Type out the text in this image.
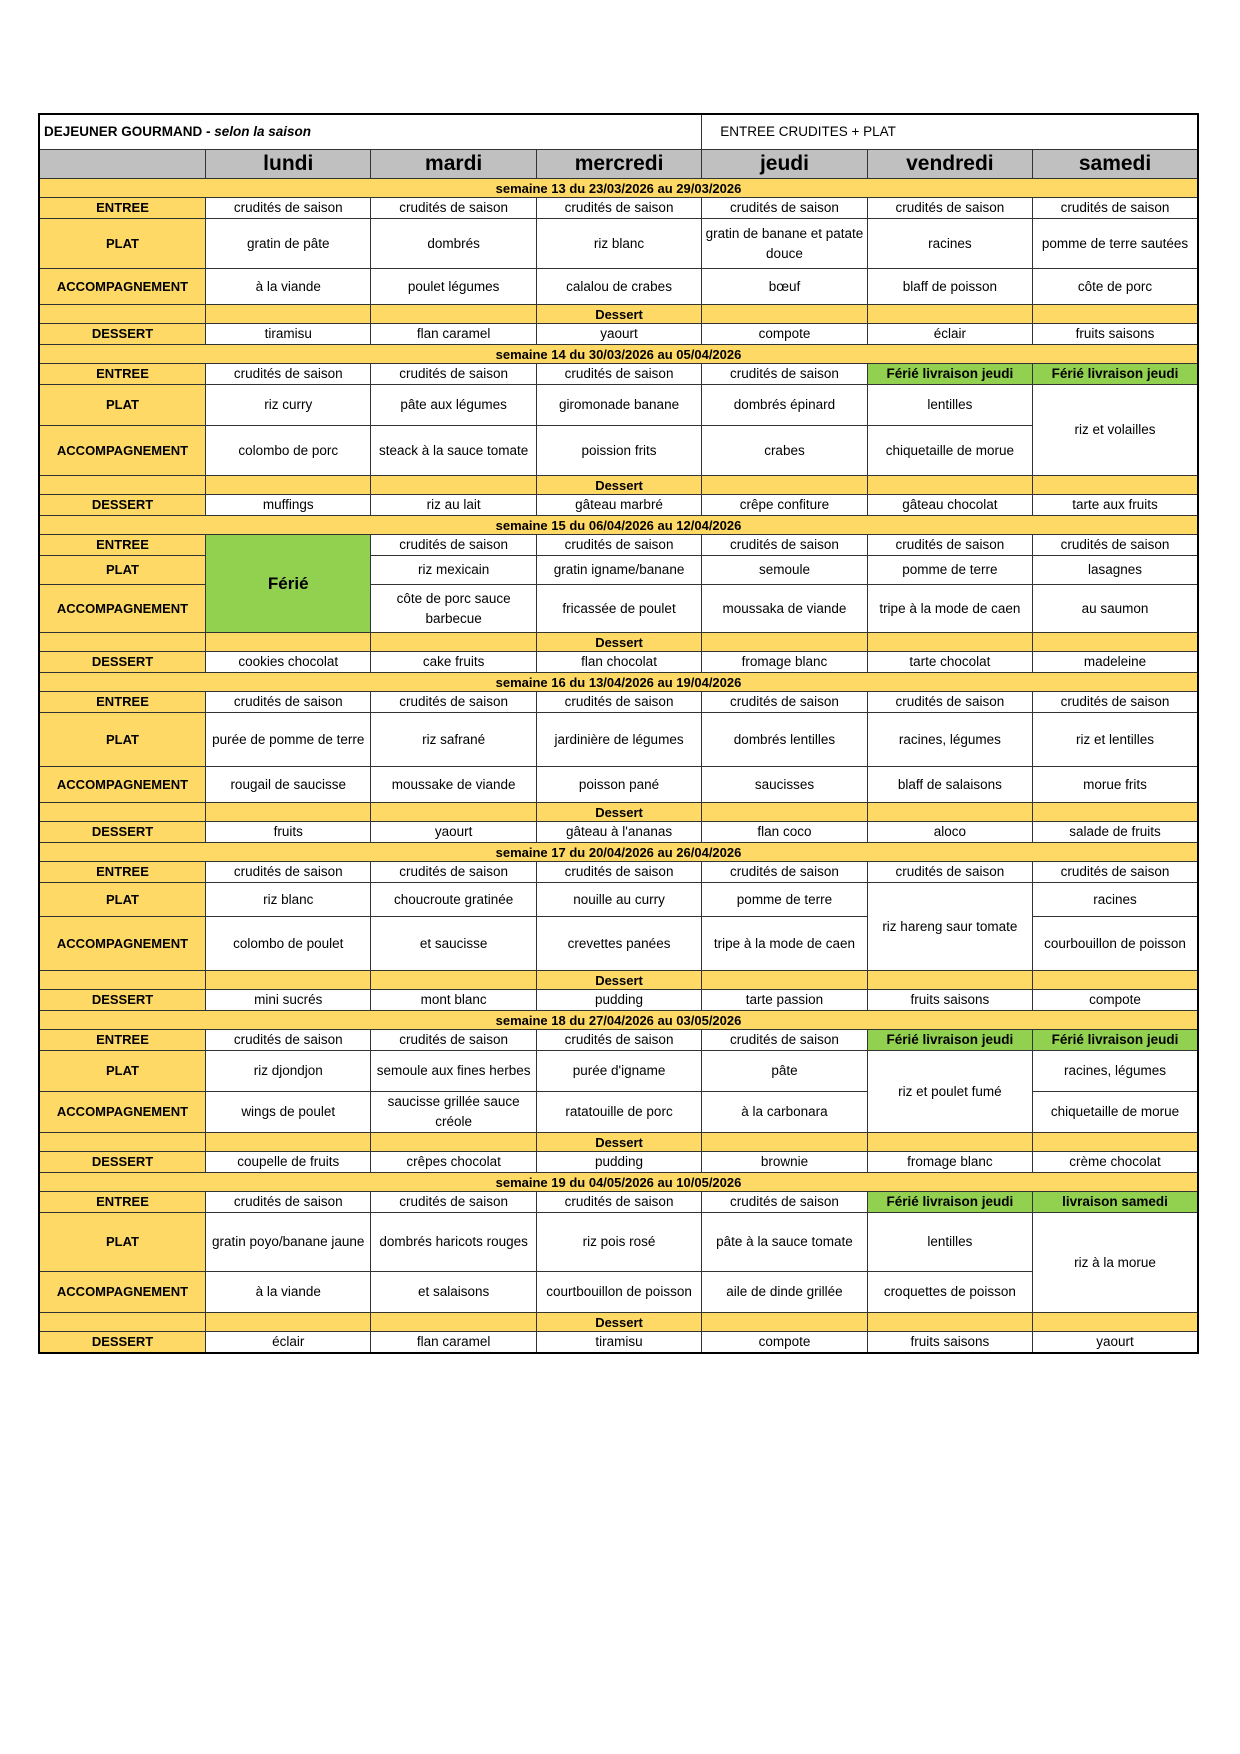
DEJEUNER GOURMAND - selon la saison				ENTREE CRUDITES + PLAT		
	lundi	mardi	mercredi	jeudi	vendredi	samedi
semaine 13 du 23/03/2026 au 29/03/2026						
ENTREE	crudités de saison	crudités de saison	crudités de saison	crudités de saison	crudités de saison	crudités de saison
PLAT	gratin de pâte	dombrés	riz blanc	gratin de banane et patate douce	racines	pomme de terre sautées
ACCOMPAGNEMENT	à la viande	poulet légumes	calalou de crabes	bœuf	blaff de poisson	côte de porc
			Dessert			
DESSERT	tiramisu	flan caramel	yaourt	compote	éclair	fruits saisons
semaine 14 du 30/03/2026 au 05/04/2026						
ENTREE	crudités de saison	crudités de saison	crudités de saison	crudités de saison	Férié livraison jeudi	Férié livraison jeudi
PLAT	riz curry	pâte aux légumes	giromonade banane	dombrés épinard	lentilles	riz et volailles
ACCOMPAGNEMENT	colombo de porc	steack à la sauce tomate	poission frits	crabes	chiquetaille de morue	
			Dessert			
DESSERT	muffings	riz au lait	gâteau marbré	crêpe confiture	gâteau chocolat	tarte aux fruits
semaine 15 du 06/04/2026 au 12/04/2026						
ENTREE	Férié	crudités de saison	crudités de saison	crudités de saison	crudités de saison	crudités de saison
PLAT		riz mexicain	gratin igname/banane	semoule	pomme de terre	lasagnes
ACCOMPAGNEMENT		côte de porc sauce barbecue	fricassée de poulet	moussaka de viande	tripe à la mode de caen	au saumon
			Dessert			
DESSERT	cookies chocolat	cake fruits	flan chocolat	fromage blanc	tarte chocolat	madeleine
semaine 16 du 13/04/2026 au 19/04/2026						
ENTREE	crudités de saison	crudités de saison	crudités de saison	crudités de saison	crudités de saison	crudités de saison
PLAT	purée de pomme de terre	riz safrané	jardinière de légumes	dombrés lentilles	racines, légumes	riz et lentilles
ACCOMPAGNEMENT	rougail de saucisse	moussake de viande	poisson pané	saucisses	blaff de salaisons	morue frits
			Dessert			
DESSERT	fruits	yaourt	gâteau à l'ananas	flan coco	aloco	salade de fruits
semaine 17 du 20/04/2026 au 26/04/2026						
ENTREE	crudités de saison	crudités de saison	crudités de saison	crudités de saison	crudités de saison	crudités de saison
PLAT	riz blanc	choucroute gratinée	nouille au curry	pomme de terre	riz hareng saur tomate	racines
ACCOMPAGNEMENT	colombo de poulet	et saucisse	crevettes panées	tripe à la mode de caen		courbouillon de poisson
			Dessert			
DESSERT	mini sucrés	mont blanc	pudding	tarte passion	fruits saisons	compote
semaine 18 du 27/04/2026 au 03/05/2026						
ENTREE	crudités de saison	crudités de saison	crudités de saison	crudités de saison	Férié livraison jeudi	Férié livraison jeudi
PLAT	riz djondjon	semoule aux fines herbes	purée d'igname	pâte	riz et poulet fumé	racines, légumes
ACCOMPAGNEMENT	wings de poulet	saucisse grillée sauce créole	ratatouille de porc	à la carbonara		chiquetaille de morue
			Dessert			
DESSERT	coupelle de fruits	crêpes chocolat	pudding	brownie	fromage blanc	crème chocolat
semaine 19 du 04/05/2026 au 10/05/2026						
ENTREE	crudités de saison	crudités de saison	crudités de saison	crudités de saison	Férié livraison jeudi	livraison samedi
PLAT	gratin poyo/banane jaune	dombrés haricots rouges	riz pois rosé	pâte à la sauce tomate	lentilles	riz à la morue
ACCOMPAGNEMENT	à la viande	et salaisons	courtbouillon de poisson	aile de dinde grillée	croquettes de poisson	
			Dessert			
DESSERT	éclair	flan caramel	tiramisu	compote	fruits saisons	yaourt
